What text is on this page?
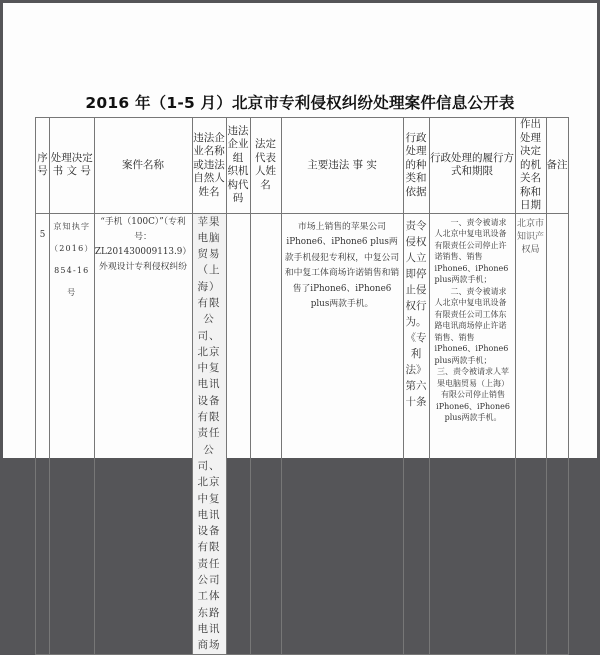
2016 年（1-5 月）北京市专利侵权纠纷处理案件信息公开表
序号	处理决定书 文 号	案件名称	违法企业名称或违法自然人姓名	违法企业组 织机构代码	法定代表人姓 名	主要违法 事 实	行政处理的种类和依据	行政处理的履行方式和期限	作出处理决定的机关名称和日期	备注
5	京知执字（2016）854-16号	“手机（100C）”（专利号：ZL201430009113.9）外观设计专利侵权纠纷	苹果电脑贸易（上海）有限公司、北京中复电讯设备有限责任公司、北京中复电讯设备有限责任公司工体东路电讯商场			市场上销售的苹果公司iPhone6、iPhone6 plus两款手机侵犯专利权，中复公司和中复工体商场许诺销售和销售了iPhone6、iPhone6 plus两款手机。	责令侵权人立即停止侵权行为。《专利法》第六十条	一、责令被请求人北京中复电讯设备有限责任公司停止许诺销售、销售iPhone6、iPhone6 plus两款手机；

二、责令被请求人北京中复电讯设备有限责任公司工体东路电讯商场停止许诺销售、销售iPhone6、iPhone6 plus两款手机；

三、责令被请求人苹果电脑贸易（上海）有限公司停止销售iPhone6、iPhone6 plus两款手机。	北京市知识产权局	
